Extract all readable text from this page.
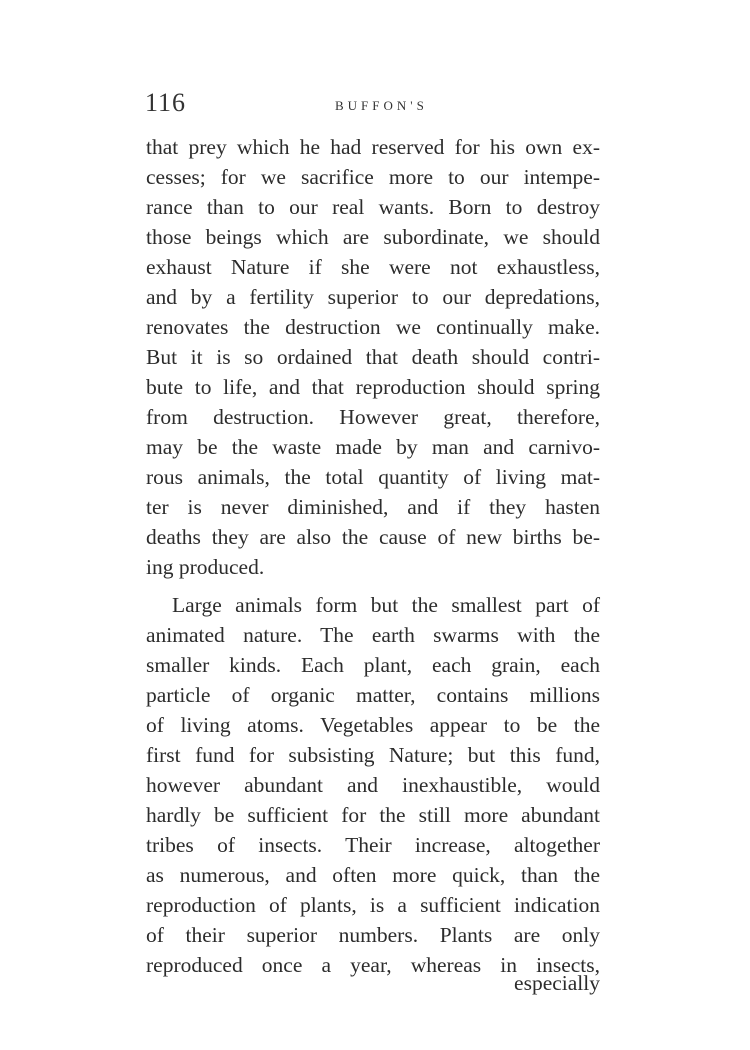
116	BUFFON'S
that prey which he had reserved for his own ex-
cesses; for we sacrifice more to our intempe-
rance than to our real wants. Born to destroy
those beings which are subordinate, we should
exhaust Nature if she were not exhaustless,
and by a fertility superior to our depredations,
renovates the destruction we continually make.
But it is so ordained that death should contri-
bute to life, and that reproduction should spring
from destruction. However great, therefore,
may be the waste made by man and carnivo-
rous animals, the total quantity of living mat-
ter is never diminished, and if they hasten
deaths they are also the cause of new births be-
ing produced.
Large animals form but the smallest part of
animated nature. The earth swarms with the
smaller kinds. Each plant, each grain, each
particle of organic matter, contains millions
of living atoms. Vegetables appear to be the
first fund for subsisting Nature; but this fund,
however abundant and inexhaustible, would
hardly be sufficient for the still more abundant
tribes of insects. Their increase, altogether
as numerous, and often more quick, than the
reproduction of plants, is a sufficient indication
of their superior numbers. Plants are only
reproduced once a year, whereas in insects,
especially
